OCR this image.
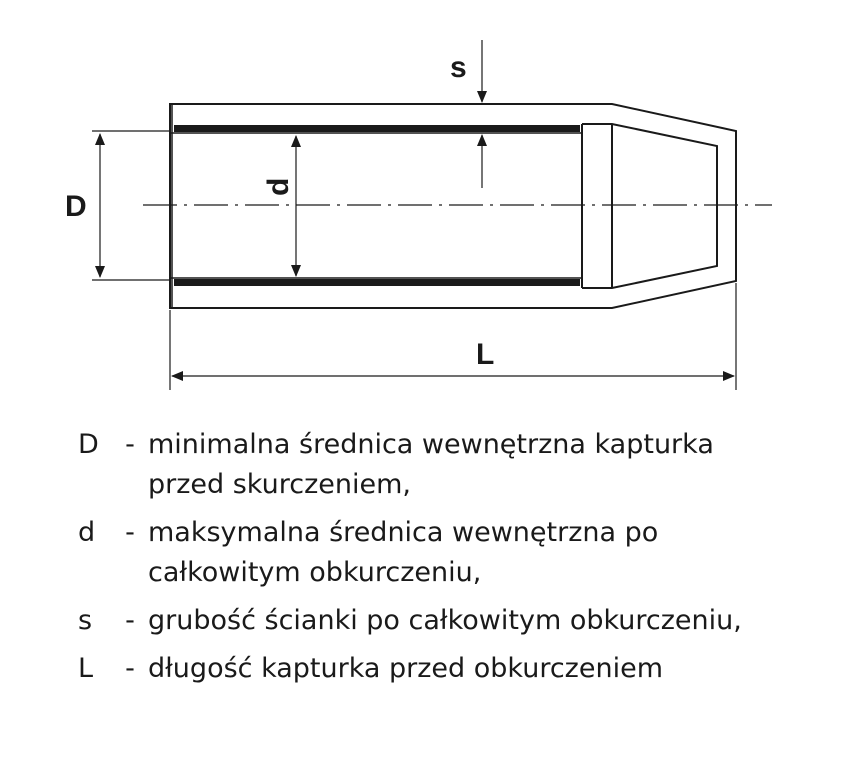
D
d
s
L
D - minimalna średnica wewnętrzna kapturka przed skurczeniem,
d	- maksymalna średnica wewnętrzna po całkowitym obkurczeniu,
s	- grubość ścianki po całkowitym obkurczeniu,
L	- długość kapturka przed obkurczeniem
